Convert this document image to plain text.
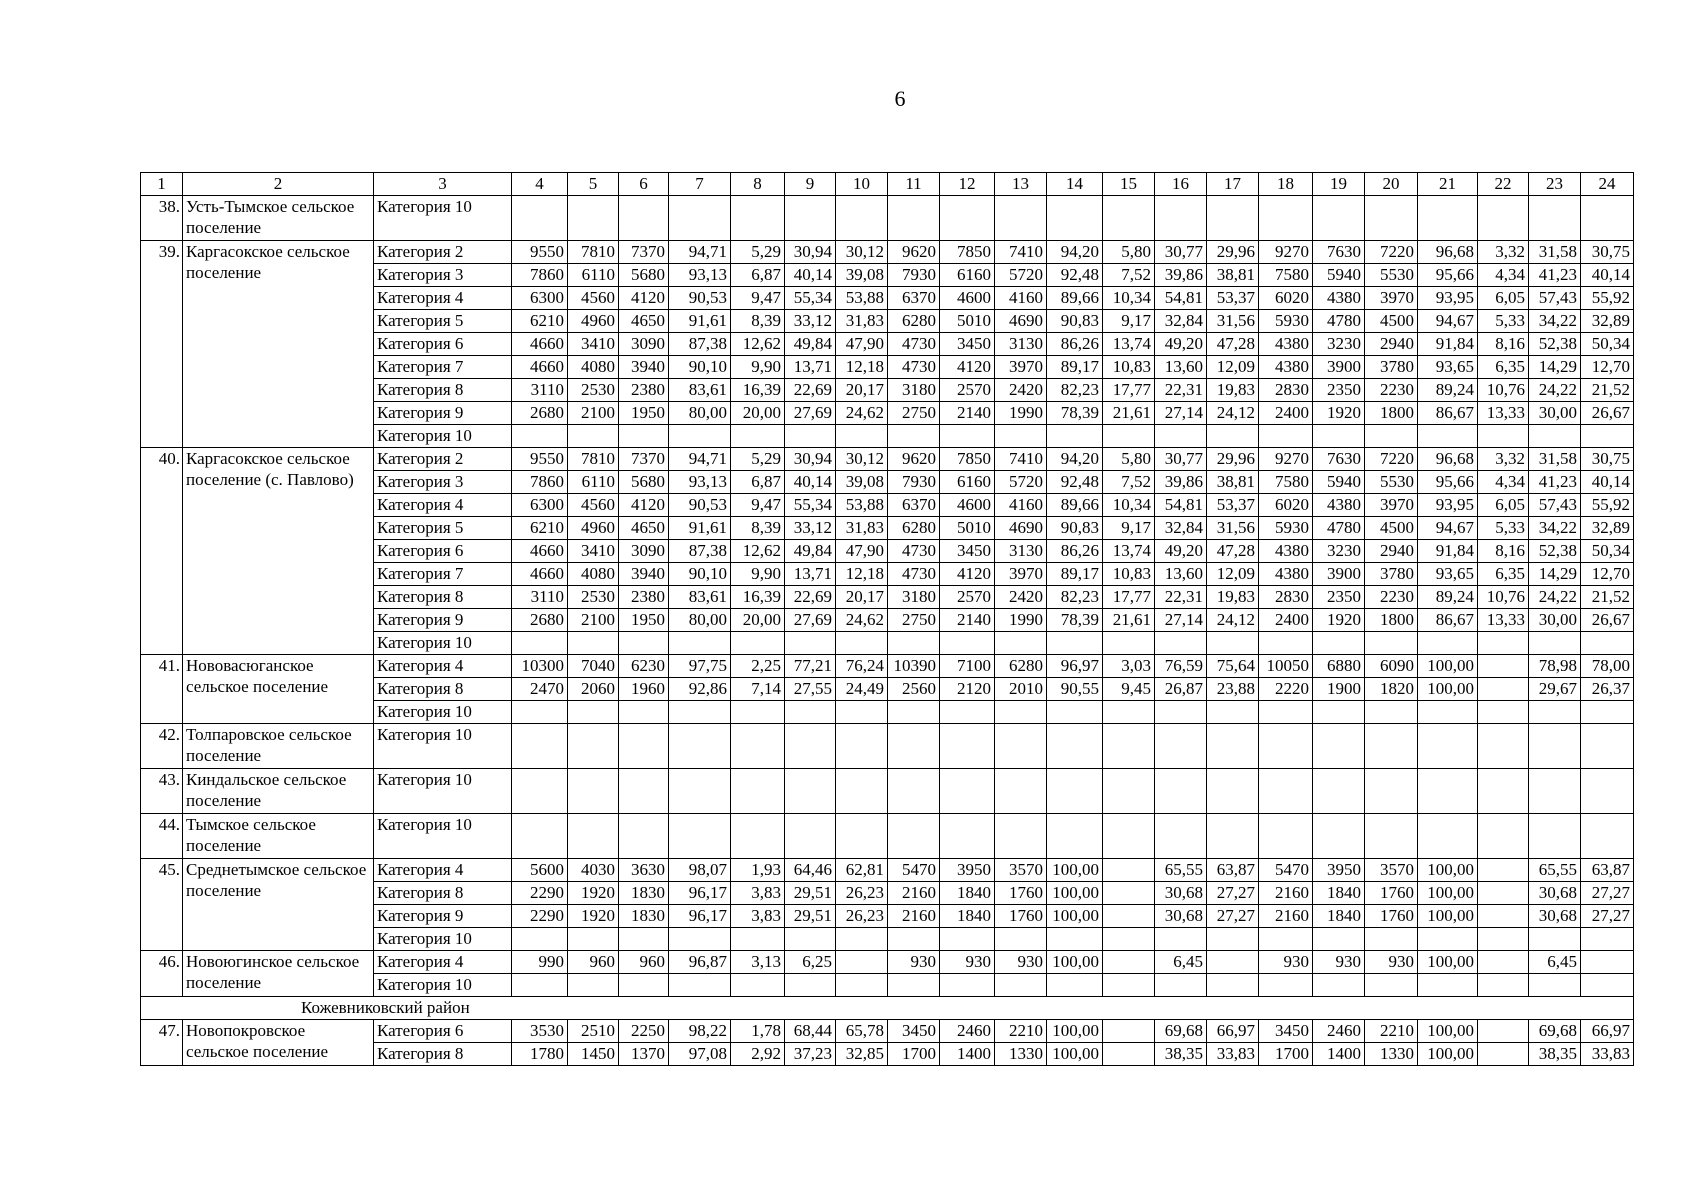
6
1	2	3	4	5	6	7	8	9	10	11	12	13	14	15	16	17	18	19	20	21	22	23	24
38.	Усть-Тымское сельское поселение	Категория 10																					
39.	Каргасокское сельское поселение	Категория 2	9550	7810	7370	94,71	5,29	30,94	30,12	9620	7850	7410	94,20	5,80	30,77	29,96	9270	7630	7220	96,68	3,32	31,58	30,75
		Категория 3	7860	6110	5680	93,13	6,87	40,14	39,08	7930	6160	5720	92,48	7,52	39,86	38,81	7580	5940	5530	95,66	4,34	41,23	40,14
		Категория 4	6300	4560	4120	90,53	9,47	55,34	53,88	6370	4600	4160	89,66	10,34	54,81	53,37	6020	4380	3970	93,95	6,05	57,43	55,92
		Категория 5	6210	4960	4650	91,61	8,39	33,12	31,83	6280	5010	4690	90,83	9,17	32,84	31,56	5930	4780	4500	94,67	5,33	34,22	32,89
		Категория 6	4660	3410	3090	87,38	12,62	49,84	47,90	4730	3450	3130	86,26	13,74	49,20	47,28	4380	3230	2940	91,84	8,16	52,38	50,34
		Категория 7	4660	4080	3940	90,10	9,90	13,71	12,18	4730	4120	3970	89,17	10,83	13,60	12,09	4380	3900	3780	93,65	6,35	14,29	12,70
		Категория 8	3110	2530	2380	83,61	16,39	22,69	20,17	3180	2570	2420	82,23	17,77	22,31	19,83	2830	2350	2230	89,24	10,76	24,22	21,52
		Категория 9	2680	2100	1950	80,00	20,00	27,69	24,62	2750	2140	1990	78,39	21,61	27,14	24,12	2400	1920	1800	86,67	13,33	30,00	26,67
		Категория 10																					
40.	Каргасокское сельское поселение (с. Павлово)	Категория 2	9550	7810	7370	94,71	5,29	30,94	30,12	9620	7850	7410	94,20	5,80	30,77	29,96	9270	7630	7220	96,68	3,32	31,58	30,75
		Категория 3	7860	6110	5680	93,13	6,87	40,14	39,08	7930	6160	5720	92,48	7,52	39,86	38,81	7580	5940	5530	95,66	4,34	41,23	40,14
		Категория 4	6300	4560	4120	90,53	9,47	55,34	53,88	6370	4600	4160	89,66	10,34	54,81	53,37	6020	4380	3970	93,95	6,05	57,43	55,92
		Категория 5	6210	4960	4650	91,61	8,39	33,12	31,83	6280	5010	4690	90,83	9,17	32,84	31,56	5930	4780	4500	94,67	5,33	34,22	32,89
		Категория 6	4660	3410	3090	87,38	12,62	49,84	47,90	4730	3450	3130	86,26	13,74	49,20	47,28	4380	3230	2940	91,84	8,16	52,38	50,34
		Категория 7	4660	4080	3940	90,10	9,90	13,71	12,18	4730	4120	3970	89,17	10,83	13,60	12,09	4380	3900	3780	93,65	6,35	14,29	12,70
		Категория 8	3110	2530	2380	83,61	16,39	22,69	20,17	3180	2570	2420	82,23	17,77	22,31	19,83	2830	2350	2230	89,24	10,76	24,22	21,52
		Категория 9	2680	2100	1950	80,00	20,00	27,69	24,62	2750	2140	1990	78,39	21,61	27,14	24,12	2400	1920	1800	86,67	13,33	30,00	26,67
		Категория 10																					
41.	Нововасюганское сельское поселение	Категория 4	10300	7040	6230	97,75	2,25	77,21	76,24	10390	7100	6280	96,97	3,03	76,59	75,64	10050	6880	6090	100,00		78,98	78,00
		Категория 8	2470	2060	1960	92,86	7,14	27,55	24,49	2560	2120	2010	90,55	9,45	26,87	23,88	2220	1900	1820	100,00		29,67	26,37
		Категория 10																					
42.	Толпаровское сельское поселение	Категория 10																					
43.	Киндальское сельское поселение	Категория 10																					
44.	Тымское сельское поселение	Категория 10																					
45.	Среднетымское сельское поселение	Категория 4	5600	4030	3630	98,07	1,93	64,46	62,81	5470	3950	3570	100,00		65,55	63,87	5470	3950	3570	100,00		65,55	63,87
		Категория 8	2290	1920	1830	96,17	3,83	29,51	26,23	2160	1840	1760	100,00		30,68	27,27	2160	1840	1760	100,00		30,68	27,27
		Категория 9	2290	1920	1830	96,17	3,83	29,51	26,23	2160	1840	1760	100,00		30,68	27,27	2160	1840	1760	100,00		30,68	27,27
		Категория 10																					
46.	Новоюгинское сельское поселение	Категория 4	990	960	960	96,87	3,13	6,25		930	930	930	100,00		6,45		930	930	930	100,00		6,45	
		Категория 10																					
Кожевниковский район																							
47.	Новопокровское сельское поселение	Категория 6	3530	2510	2250	98,22	1,78	68,44	65,78	3450	2460	2210	100,00		69,68	66,97	3450	2460	2210	100,00		69,68	66,97
		Категория 8	1780	1450	1370	97,08	2,92	37,23	32,85	1700	1400	1330	100,00		38,35	33,83	1700	1400	1330	100,00		38,35	33,83
